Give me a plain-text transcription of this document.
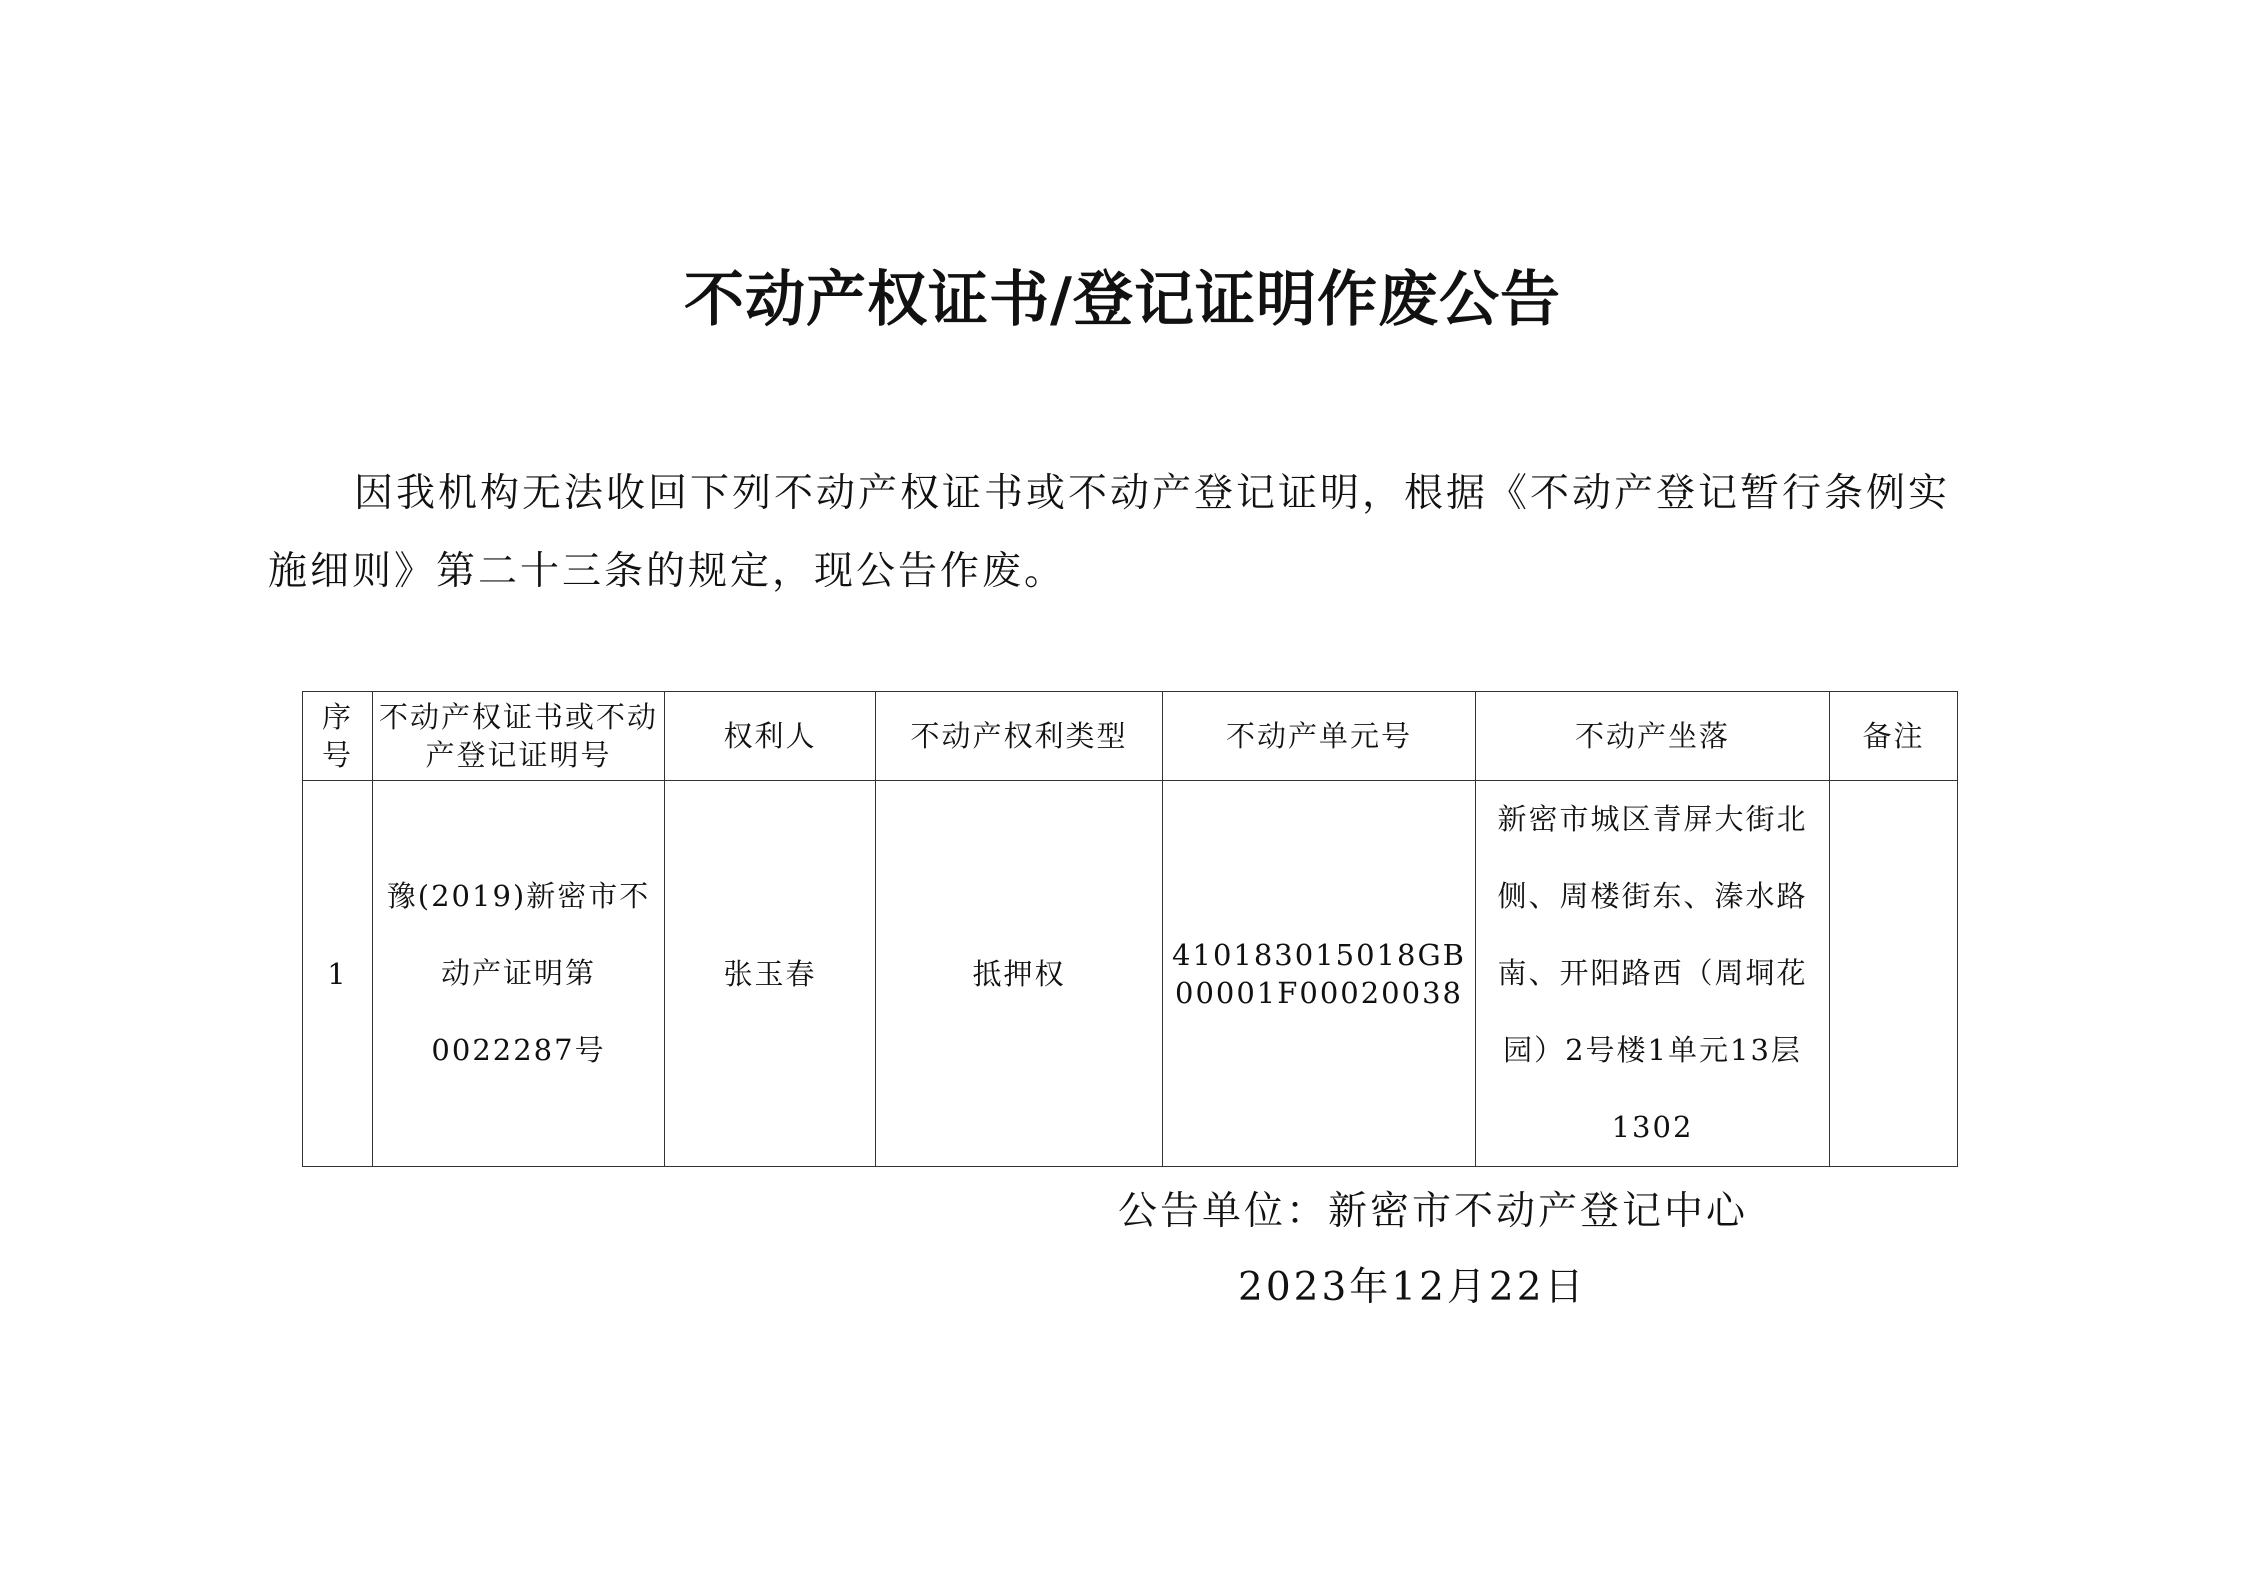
不动产权证书/登记证明作废公告
因我机构无法收回下列不动产权证书或不动产登记证明，根据《不动产登记暂行条例实施细则》第二十三条的规定，现公告作废。
序号	不动产权证书或不动产登记证明号	权利人	不动产权利类型	不动产单元号	不动产坐落	备注
1	豫(2019)新密市不动产证明第0022287号	张玉春	抵押权	410183015018GB00001F00020038	新密市城区青屏大街北侧、周楼街东、溱水路南、开阳路西（周垌花园）2号楼1单元13层1302	
公告单位：新密市不动产登记中心
2023年12月22日
